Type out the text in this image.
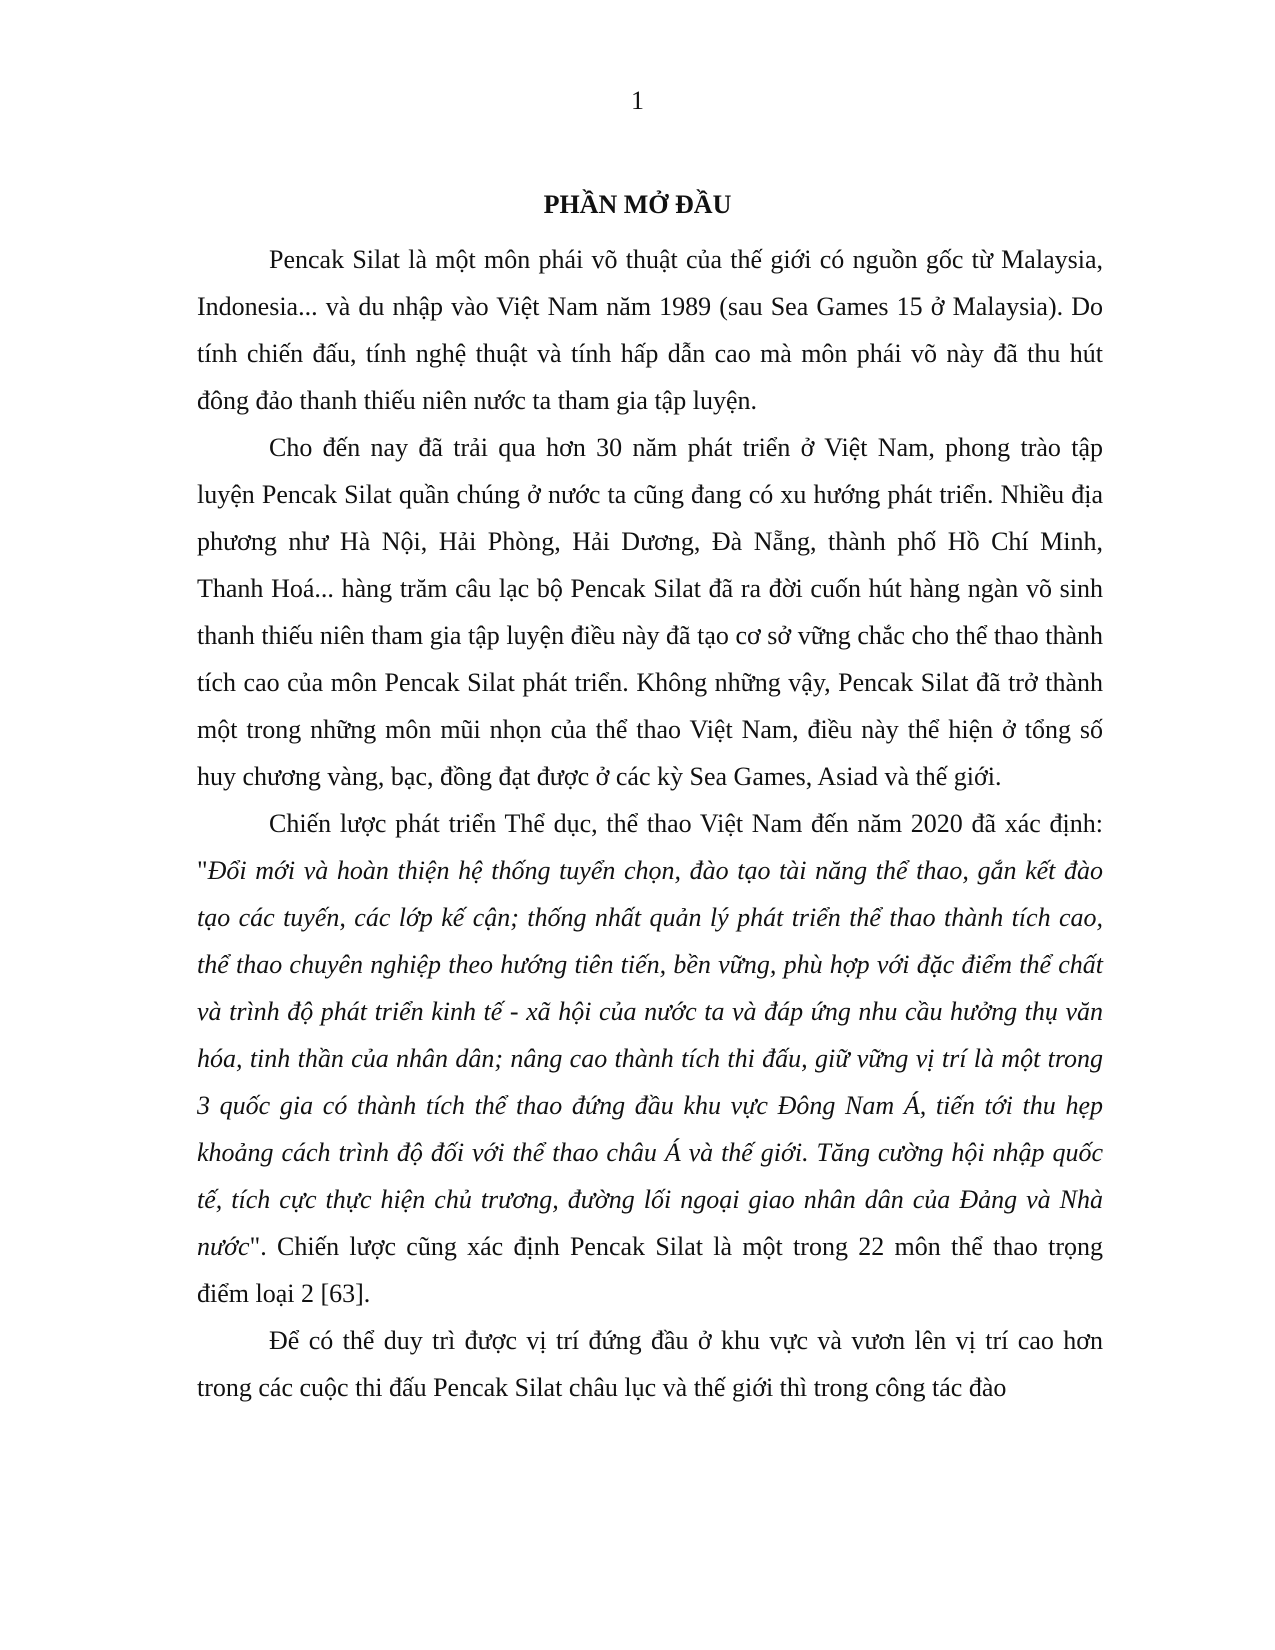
1
PHẦN MỞ ĐẦU

Pencak Silat là một môn phái võ thuật của thế giới có nguồn gốc từ Malaysia, Indonesia... và du nhập vào Việt Nam năm 1989 (sau Sea Games 15 ở Malaysia). Do tính chiến đấu, tính nghệ thuật và tính hấp dẫn cao mà môn phái võ này đã thu hút đông đảo thanh thiếu niên nước ta tham gia tập luyện.

Cho đến nay đã trải qua hơn 30 năm phát triển ở Việt Nam, phong trào tập luyện Pencak Silat quần chúng ở nước ta cũng đang có xu hướng phát triển. Nhiều địa phương như Hà Nội, Hải Phòng, Hải Dương, Đà Nẵng, thành phố Hồ Chí Minh, Thanh Hoá... hàng trăm câu lạc bộ Pencak Silat đã ra đời cuốn hút hàng ngàn võ sinh thanh thiếu niên tham gia tập luyện điều này đã tạo cơ sở vững chắc cho thể thao thành tích cao của môn Pencak Silat phát triển. Không những vậy, Pencak Silat đã trở thành một trong những môn mũi nhọn của thể thao Việt Nam, điều này thể hiện ở tổng số huy chương vàng, bạc, đồng đạt được ở các kỳ Sea Games, Asiad và thế giới.

Chiến lược phát triển Thể dục, thể thao Việt Nam đến năm 2020 đã xác định: "Đổi mới và hoàn thiện hệ thống tuyển chọn, đào tạo tài năng thể thao, gắn kết đào tạo các tuyến, các lớp kế cận; thống nhất quản lý phát triển thể thao thành tích cao, thể thao chuyên nghiệp theo hướng tiên tiến, bền vững, phù hợp với đặc điểm thể chất và trình độ phát triển kinh tế - xã hội của nước ta và đáp ứng nhu cầu hưởng thụ văn hóa, tinh thần của nhân dân; nâng cao thành tích thi đấu, giữ vững vị trí là một trong 3 quốc gia có thành tích thể thao đứng đầu khu vực Đông Nam Á, tiến tới thu hẹp khoảng cách trình độ đối với thể thao châu Á và thế giới. Tăng cường hội nhập quốc tế, tích cực thực hiện chủ trương, đường lối ngoại giao nhân dân của Đảng và Nhà nước". Chiến lược cũng xác định Pencak Silat là một trong 22 môn thể thao trọng điểm loại 2 [63].

Để có thể duy trì được vị trí đứng đầu ở khu vực và vươn lên vị trí cao hơn trong các cuộc thi đấu Pencak Silat châu lục và thế giới thì trong công tác đào
